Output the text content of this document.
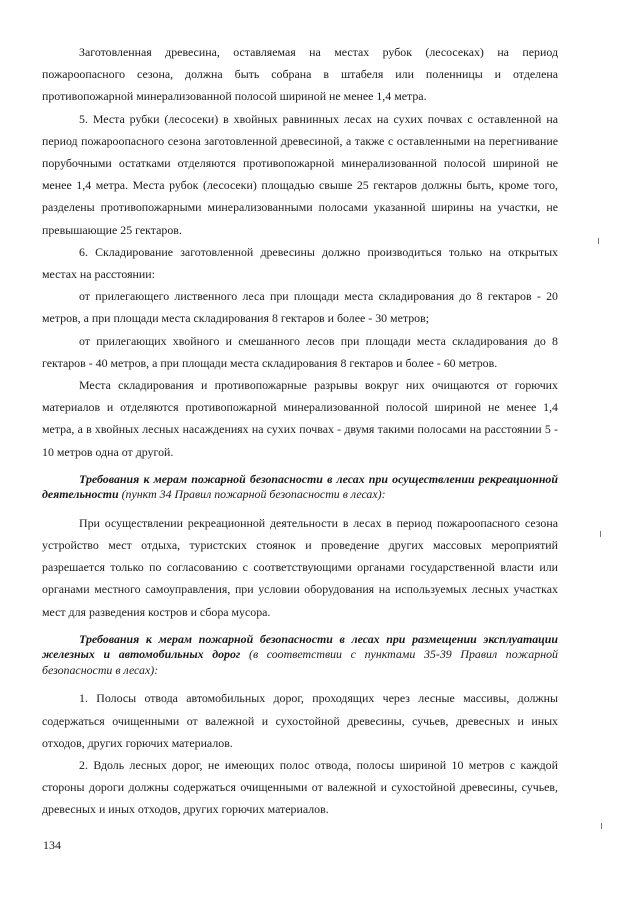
Заготовленная древесина, оставляемая на местах рубок (лесосеках) на период пожароопасного сезона, должна быть собрана в штабеля или поленницы и отделена противопожарной минерализованной полосой шириной не менее 1,4 метра.

5. Места рубки (лесосеки) в хвойных равнинных лесах на сухих почвах с оставленной на период пожароопасного сезона заготовленной древесиной, а также с оставленными на перегнивание порубочными остатками отделяются противопожарной минерализованной полосой шириной не менее 1,4 метра. Места рубок (лесосеки) площадью свыше 25 гектаров должны быть, кроме того, разделены противопожарными минерализованными полосами указанной ширины на участки, не превышающие 25 гектаров.

6. Складирование заготовленной древесины должно производиться только на открытых местах на расстоянии:

от прилегающего лиственного леса при площади места складирования до 8 гектаров - 20 метров, а при площади места складирования 8 гектаров и более - 30 метров;

от прилегающих хвойного и смешанного лесов при площади места складирования до 8 гектаров - 40 метров, а при площади места складирования 8 гектаров и более - 60 метров.

Места складирования и противопожарные разрывы вокруг них очищаются от горючих материалов и отделяются противопожарной минерализованной полосой шириной не менее 1,4 метра, а в хвойных лесных насаждениях на сухих почвах - двумя такими полосами на расстоянии 5 - 10 метров одна от другой.

Требования к мерам пожарной безопасности в лесах при осуществлении рекреационной деятельности (пункт 34 Правил пожарной безопасности в лесах):

При осуществлении рекреационной деятельности в лесах в период пожароопасного сезона устройство мест отдыха, туристских стоянок и проведение других массовых мероприятий разрешается только по согласованию с соответствующими органами государственной власти или органами местного самоуправления, при условии оборудования на используемых лесных участках мест для разведения костров и сбора мусора.

Требования к мерам пожарной безопасности в лесах при размещении эксплуатации железных и автомобильных дорог (в соответствии с пунктами 35-39 Правил пожарной безопасности в лесах):

1. Полосы отвода автомобильных дорог, проходящих через лесные массивы, должны содержаться очищенными от валежной и сухостойной древесины, сучьев, древесных и иных отходов, других горючих материалов.

2. Вдоль лесных дорог, не имеющих полос отвода, полосы шириной 10 метров с каждой стороны дороги должны содержаться очищенными от валежной и сухостойной древесины, сучьев, древесных и иных отходов, других горючих материалов.

134
